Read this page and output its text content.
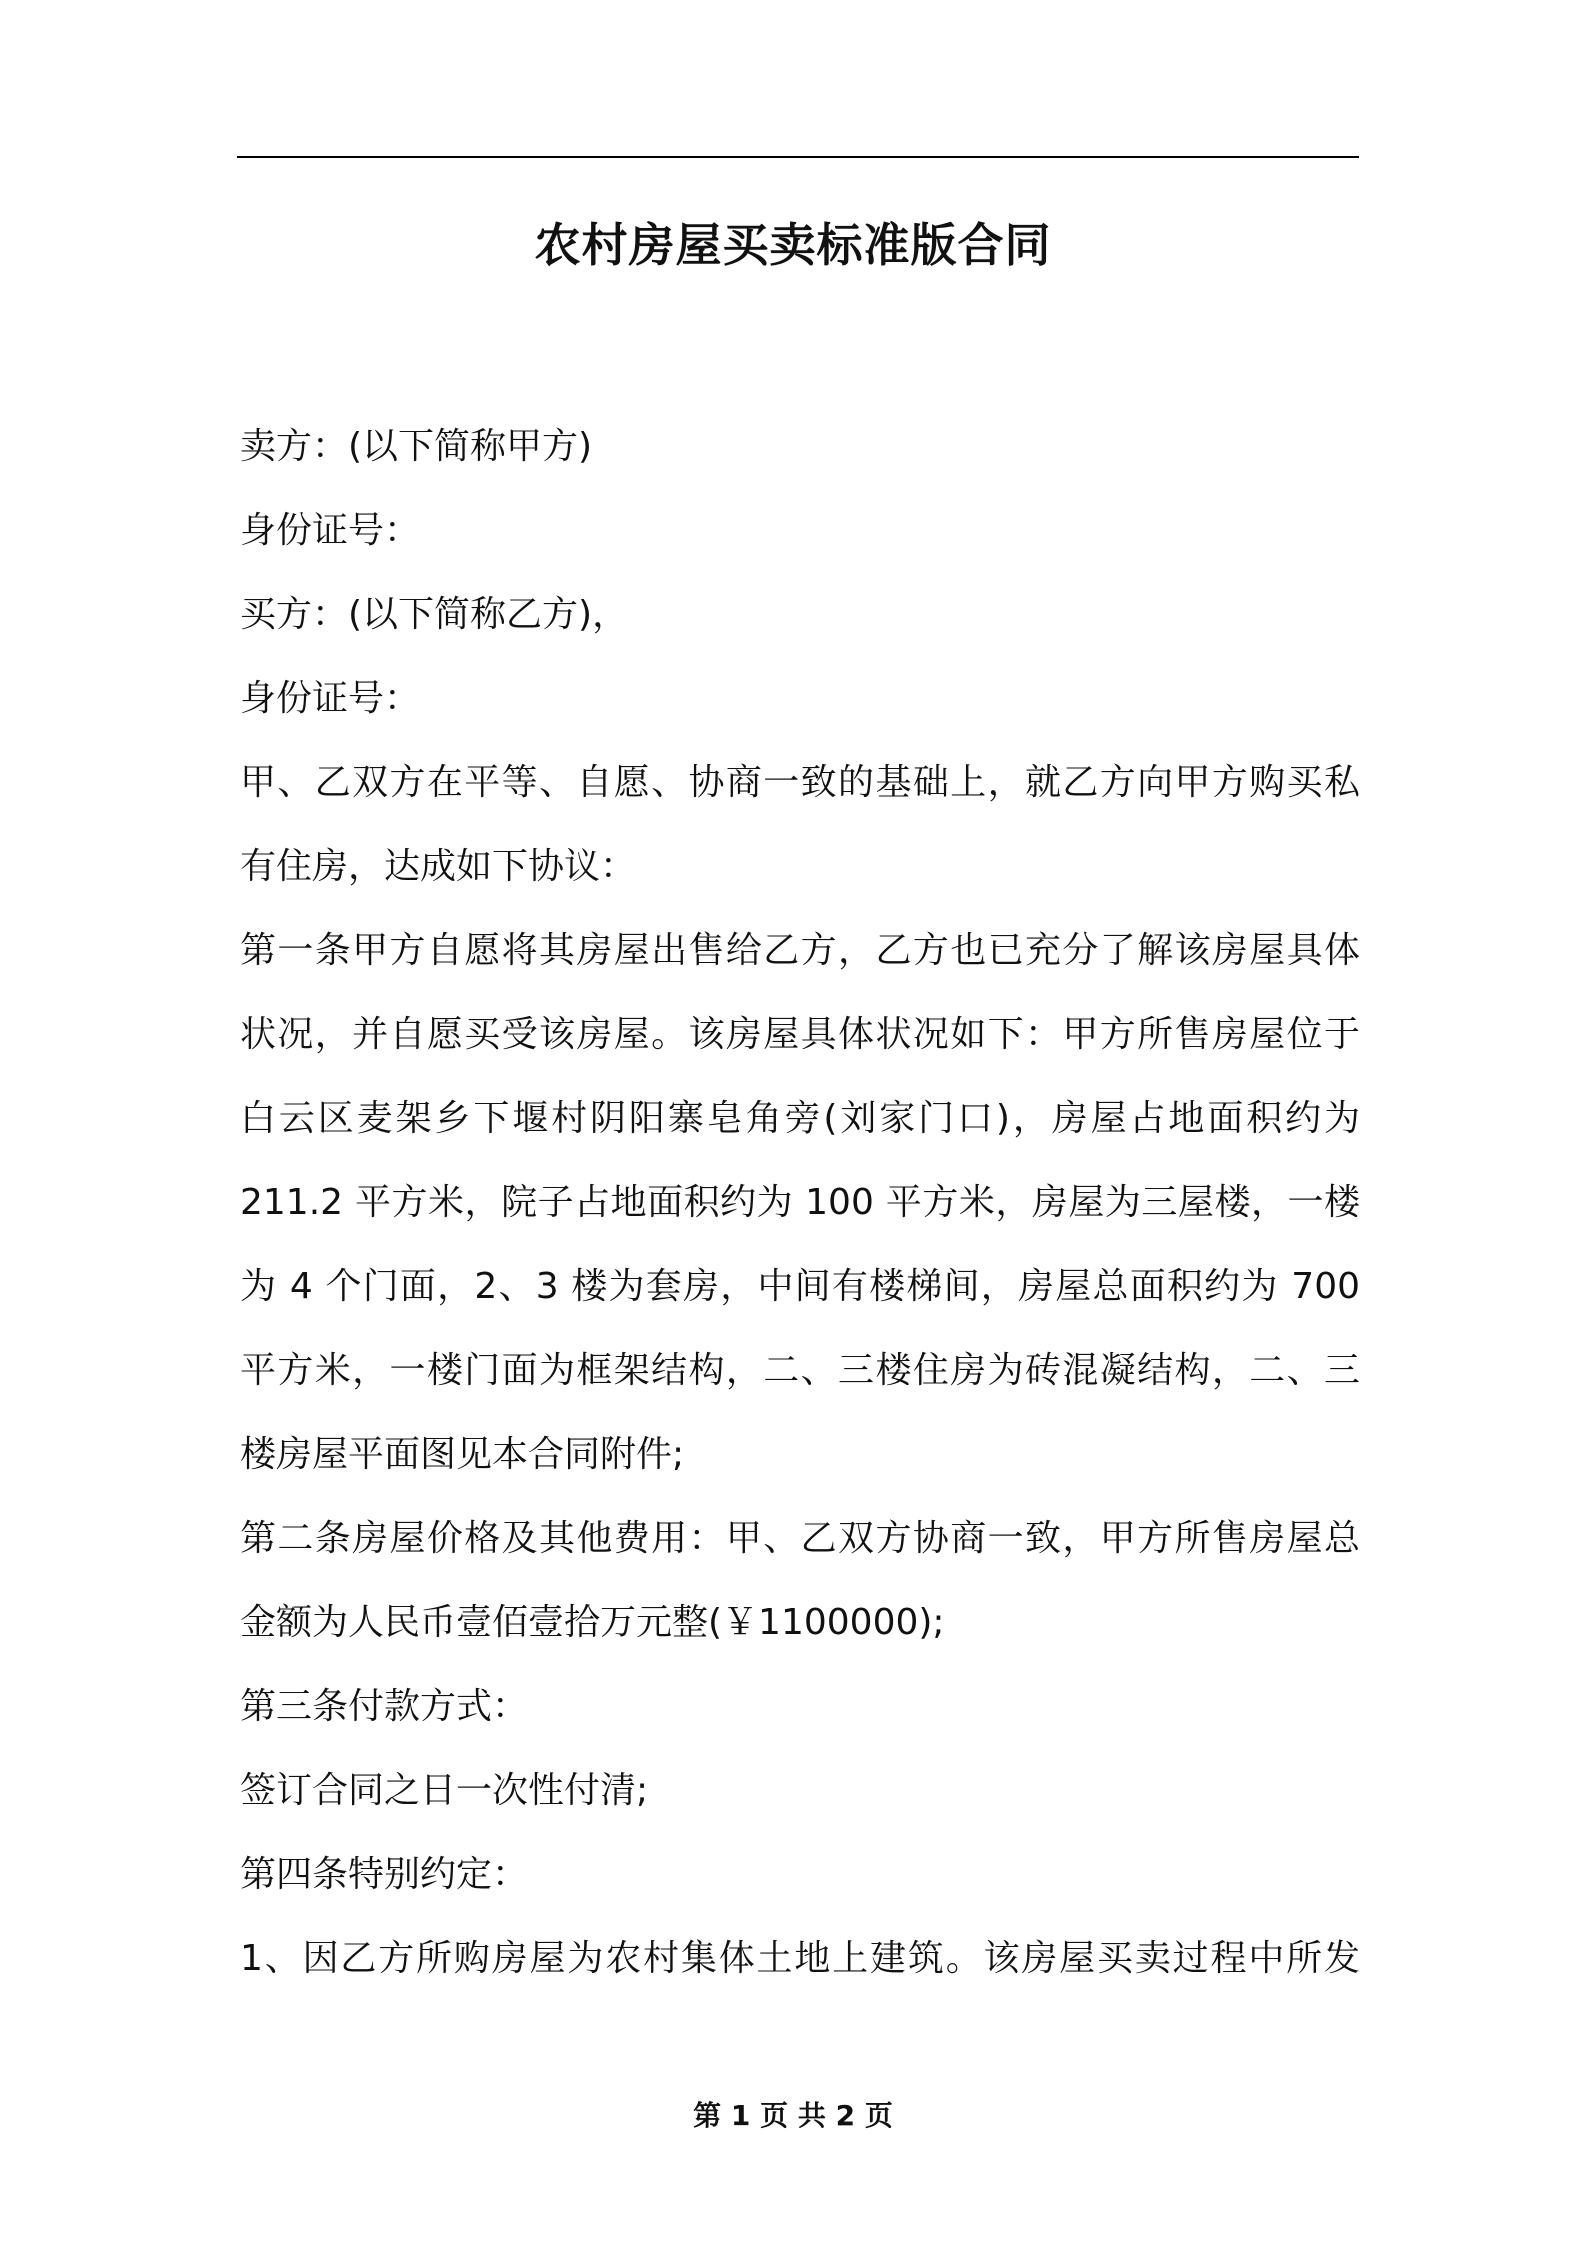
农村房屋买卖标准版合同
卖方：(以下简称甲方)
身份证号：
买方：(以下简称乙方)，
身份证号：
甲、乙双方在平等、自愿、协商一致的基础上，就乙方向甲方购买私
有住房，达成如下协议：
第一条甲方自愿将其房屋出售给乙方，乙方也已充分了解该房屋具体
状况，并自愿买受该房屋。该房屋具体状况如下：甲方所售房屋位于
白云区麦架乡下堰村阴阳寨皂角旁(刘家门口)，房屋占地面积约为
211.2 平方米，院子占地面积约为 100 平方米，房屋为三屋楼，一楼
为 4 个门面，2、3 楼为套房，中间有楼梯间，房屋总面积约为 700
平方米，一楼门面为框架结构，二、三楼住房为砖混凝结构，二、三
楼房屋平面图见本合同附件;
第二条房屋价格及其他费用：甲、乙双方协商一致，甲方所售房屋总
金额为人民币壹佰壹拾万元整(￥1100000);
第三条付款方式：
签订合同之日一次性付清;
第四条特别约定：
1、因乙方所购房屋为农村集体土地上建筑。该房屋买卖过程中所发
第 1 页 共 2 页
